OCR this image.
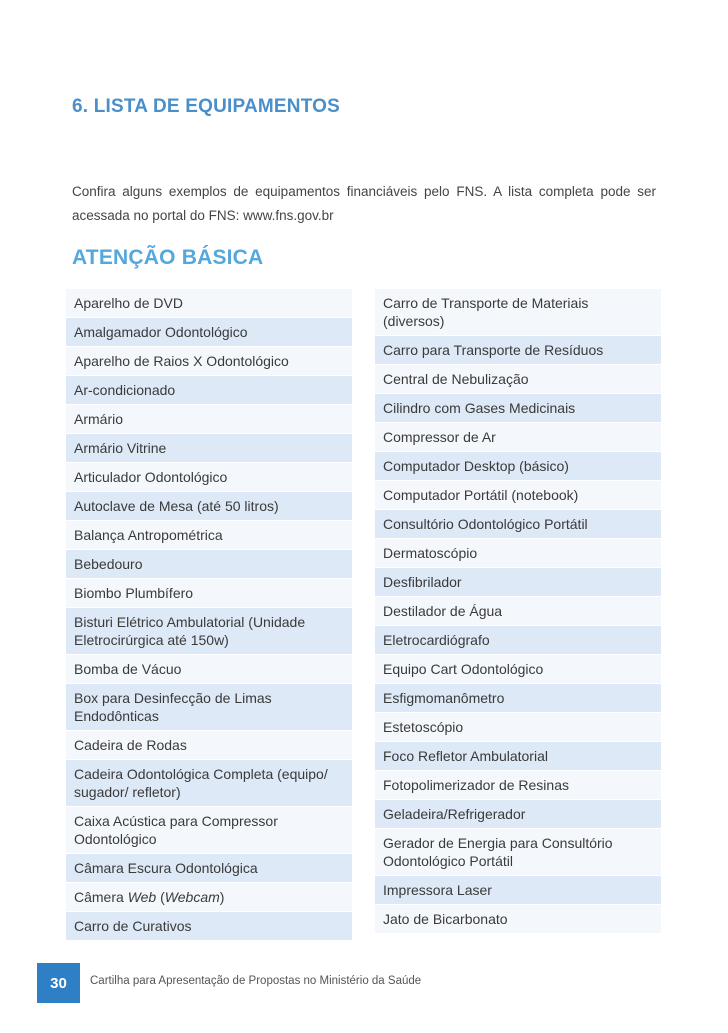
6. LISTA DE EQUIPAMENTOS
Confira alguns exemplos de equipamentos financiáveis pelo FNS. A lista completa pode ser acessada no portal do FNS: www.fns.gov.br
ATENÇÃO BÁSICA
Aparelho de DVD
Amalgamador Odontológico
Aparelho de Raios X Odontológico
Ar-condicionado
Armário
Armário Vitrine
Articulador Odontológico
Autoclave de Mesa (até 50 litros)
Balança Antropométrica
Bebedouro
Biombo Plumbífero
Bisturi Elétrico Ambulatorial (Unidade Eletrocirúrgica até 150w)
Bomba de Vácuo
Box para Desinfecção de Limas Endodônticas
Cadeira de Rodas
Cadeira Odontológica Completa (equipo/ sugador/ refletor)
Caixa Acústica para Compressor Odontológico
Câmara Escura Odontológica
Câmera Web (Webcam)
Carro de Curativos
Carro de Transporte de Materiais (diversos)
Carro para Transporte de Resíduos
Central de Nebulização
Cilindro com Gases Medicinais
Compressor de Ar
Computador Desktop (básico)
Computador Portátil (notebook)
Consultório Odontológico Portátil
Dermatoscópio
Desfibrilador
Destilador de Água
Eletrocardiógrafo
Equipo Cart Odontológico
Esfigmomanômetro
Estetoscópio
Foco Refletor Ambulatorial
Fotopolimerizador de Resinas
Geladeira/Refrigerador
Gerador de Energia para Consultório Odontológico Portátil
Impressora Laser
Jato de Bicarbonato
30	Cartilha para Apresentação de Propostas no Ministério da Saúde
